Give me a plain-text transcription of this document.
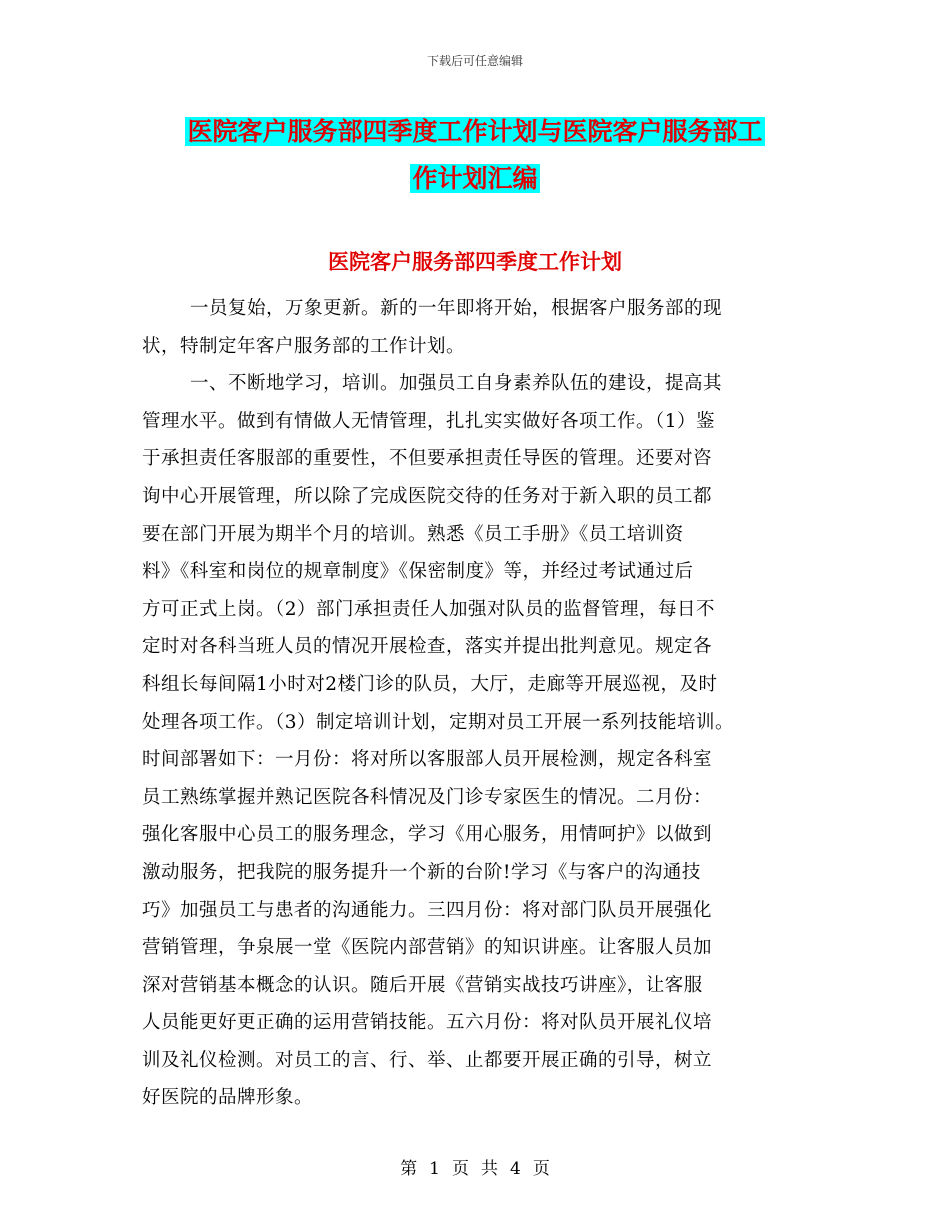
下载后可任意编辑
医院客户服务部四季度工作计划与医院客户服务部工
作计划汇编
医院客户服务部四季度工作计划

一员复始，万象更新。新的一年即将开始，根据客户服务部的现
状，特制定年客户服务部的工作计划。

一、不断地学习，培训。加强员工自身素养队伍的建设，提高其
管理水平。做到有情做人无情管理，扎扎实实做好各项工作。（1）鉴
于承担责任客服部的重要性，不但要承担责任导医的管理。还要对咨
询中心开展管理，所以除了完成医院交待的任务对于新入职的员工都
要在部门开展为期半个月的培训。熟悉《员工手册》《员工培训资
料》《科室和岗位的规章制度》《保密制度》等，并经过考试通过后
方可正式上岗。（2）部门承担责任人加强对队员的监督管理，每日不
定时对各科当班人员的情况开展检查，落实并提出批判意见。规定各
科组长每间隔1小时对2楼门诊的队员，大厅，走廊等开展巡视，及时
处理各项工作。（3）制定培训计划，定期对员工开展一系列技能培训。
时间部署如下：一月份：将对所以客服部人员开展检测，规定各科室
员工熟练掌握并熟记医院各科情况及门诊专家医生的情况。二月份：
强化客服中心员工的服务理念，学习《用心服务，用情呵护》以做到
激动服务，把我院的服务提升一个新的台阶!学习《与客户的沟通技
巧》加强员工与患者的沟通能力。三四月份：将对部门队员开展强化
营销管理，争泉展一堂《医院内部营销》的知识讲座。让客服人员加
深对营销基本概念的认识。随后开展《营销实战技巧讲座》，让客服
人员能更好更正确的运用营销技能。五六月份：将对队员开展礼仪培
训及礼仪检测。对员工的言、行、举、止都要开展正确的引导，树立
好医院的品牌形象。

第 1 页 共 4 页
